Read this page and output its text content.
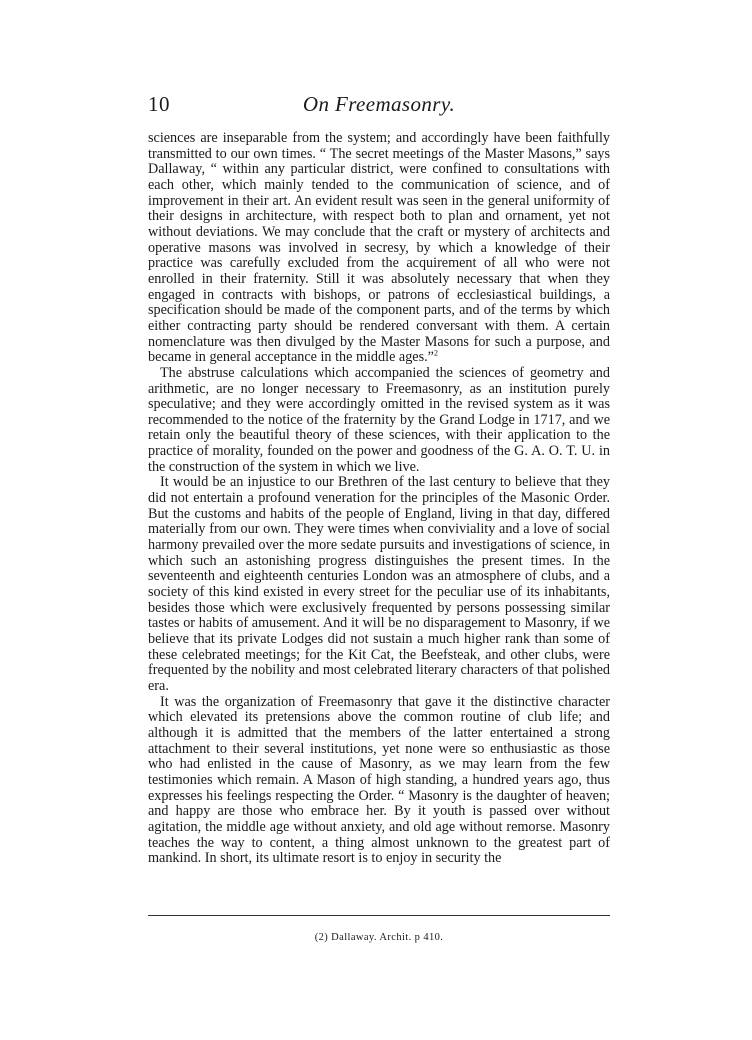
10	On Freemasonry.

sciences are inseparable from the system; and accordingly have been faithfully transmitted to our own times. “ The secret meetings of the Master Masons,” says Dallaway, “ within any particular district, were confined to consultations with each other, which mainly tended to the communication of science, and of improvement in their art. An evident result was seen in the general uniformity of their designs in architecture, with respect both to plan and ornament, yet not without deviations. We may conclude that the craft or mystery of architects and operative masons was involved in secresy, by which a knowledge of their practice was carefully excluded from the acquirement of all who were not enrolled in their fraternity. Still it was absolutely necessary that when they engaged in contracts with bishops, or patrons of ecclesiastical buildings, a specification should be made of the component parts, and of the terms by which either contracting party should be rendered conversant with them. A certain nomenclature was then divulged by the Master Masons for such a purpose, and became in general acceptance in the middle ages.”$^2$

The abstruse calculations which accompanied the sciences of geometry and arithmetic, are no longer necessary to Freemasonry, as an institution purely speculative; and they were accordingly omitted in the revised system as it was recommended to the notice of the fraternity by the Grand Lodge in 1717, and we retain only the beautiful theory of these sciences, with their application to the practice of morality, founded on the power and goodness of the G. A. O. T. U. in the construction of the system in which we live.

It would be an injustice to our Brethren of the last century to believe that they did not entertain a profound veneration for the principles of the Masonic Order. But the customs and habits of the people of England, living in that day, differed materially from our own. They were times when conviviality and a love of social harmony prevailed over the more sedate pursuits and investigations of science, in which such an astonishing progress distinguishes the present times. In the seventeenth and eighteenth centuries London was an atmosphere of clubs, and a society of this kind existed in every street for the peculiar use of its inhabitants, besides those which were exclusively frequented by persons possessing similar tastes or habits of amusement. And it will be no disparagement to Masonry, if we believe that its private Lodges did not sustain a much higher rank than some of these celebrated meetings; for the Kit Cat, the Beefsteak, and other clubs, were frequented by the nobility and most celebrated literary characters of that polished era.

It was the organization of Freemasonry that gave it the distinctive character which elevated its pretensions above the common routine of club life; and although it is admitted that the members of the latter entertained a strong attachment to their several institutions, yet none were so enthusiastic as those who had enlisted in the cause of Masonry, as we may learn from the few testimonies which remain. A Mason of high standing, a hundred years ago, thus expresses his feelings respecting the Order. “ Masonry is the daughter of heaven; and happy are those who embrace her. By it youth is passed over without agitation, the middle age without anxiety, and old age without remorse. Masonry teaches the way to content, a thing almost unknown to the greatest part of mankind. In short, its ultimate resort is to enjoy in security the

(2) Dallaway. Archit. p 410.
